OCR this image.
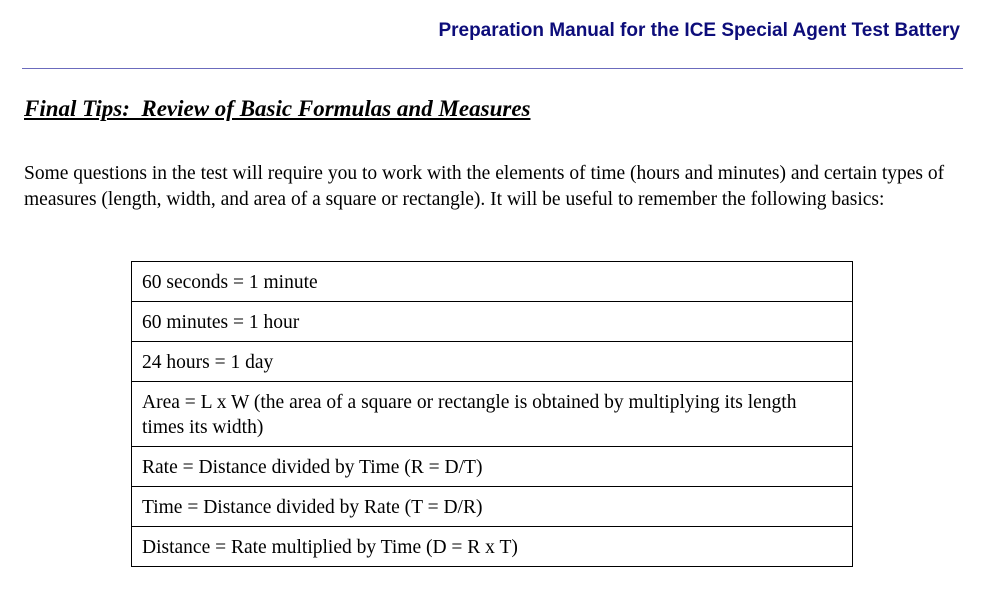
Preparation Manual for the ICE Special Agent Test Battery
Final Tips:  Review of Basic Formulas and Measures

Some questions in the test will require you to work with the elements of time (hours and minutes) and certain types of measures (length, width, and area of a square or rectangle). It will be useful to remember the following basics:

60 seconds = 1 minute
60 minutes = 1 hour
24 hours = 1 day
Area = L x W (the area of a square or rectangle is obtained by multiplying its length times its width)
Rate = Distance divided by Time (R = D/T)
Time = Distance divided by Rate (T = D/R)
Distance = Rate multiplied by Time (D = R x T)
